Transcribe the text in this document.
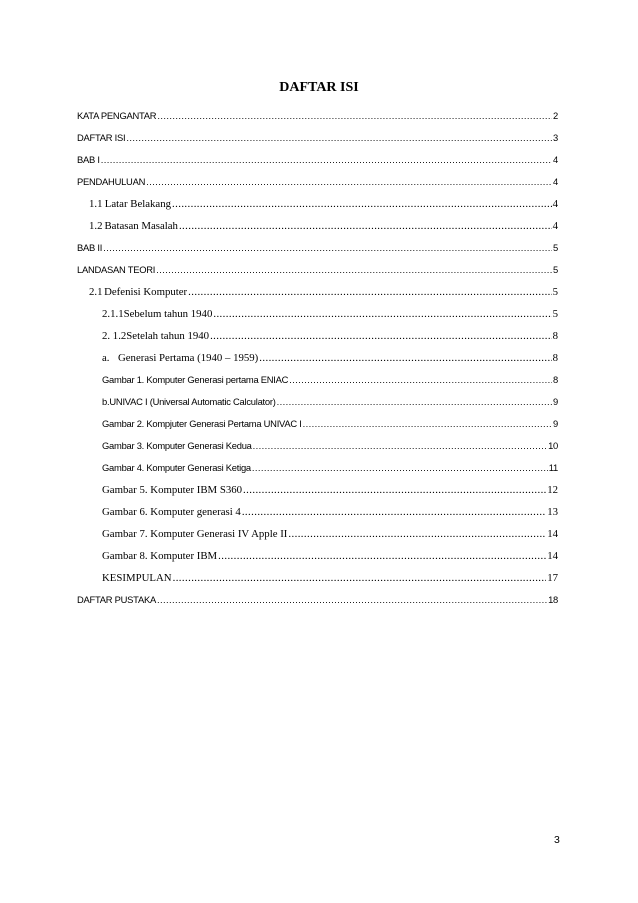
DAFTAR ISI
KATA PENGANTAR .....	2
DAFTAR ISI .....	3
BAB I .....	4
PENDAHULUAN .....	4
1.1 Latar Belakang .....	4
1.2 Batasan Masalah .....	4
BAB II .....	5
LANDASAN TEORI .....	5
2.1 Defenisi Komputer .....	5
2.1.1 Sebelum tahun 1940 .....	5
2. 1.2 Setelah tahun 1940 .....	8
a. Generasi Pertama (1940 – 1959) .....	8
Gambar 1. Komputer Generasi pertama ENIAC .....	8
b. UNIVAC I (Universal Automatic Calculator) .....	9
Gambar 2. Kompjuter Generasi Pertama UNIVAC I .....	9
Gambar 3. Komputer Generasi Kedua .....	10
Gambar 4. Komputer Generasi Ketiga .....	11
Gambar 5. Komputer IBM S360 .....	12
Gambar 6. Komputer generasi 4 .....	13
Gambar 7. Komputer Generasi IV Apple II .....	14
Gambar 8. Komputer IBM .....	14
KESIMPULAN .....	17
DAFTAR PUSTAKA .....	18

3
